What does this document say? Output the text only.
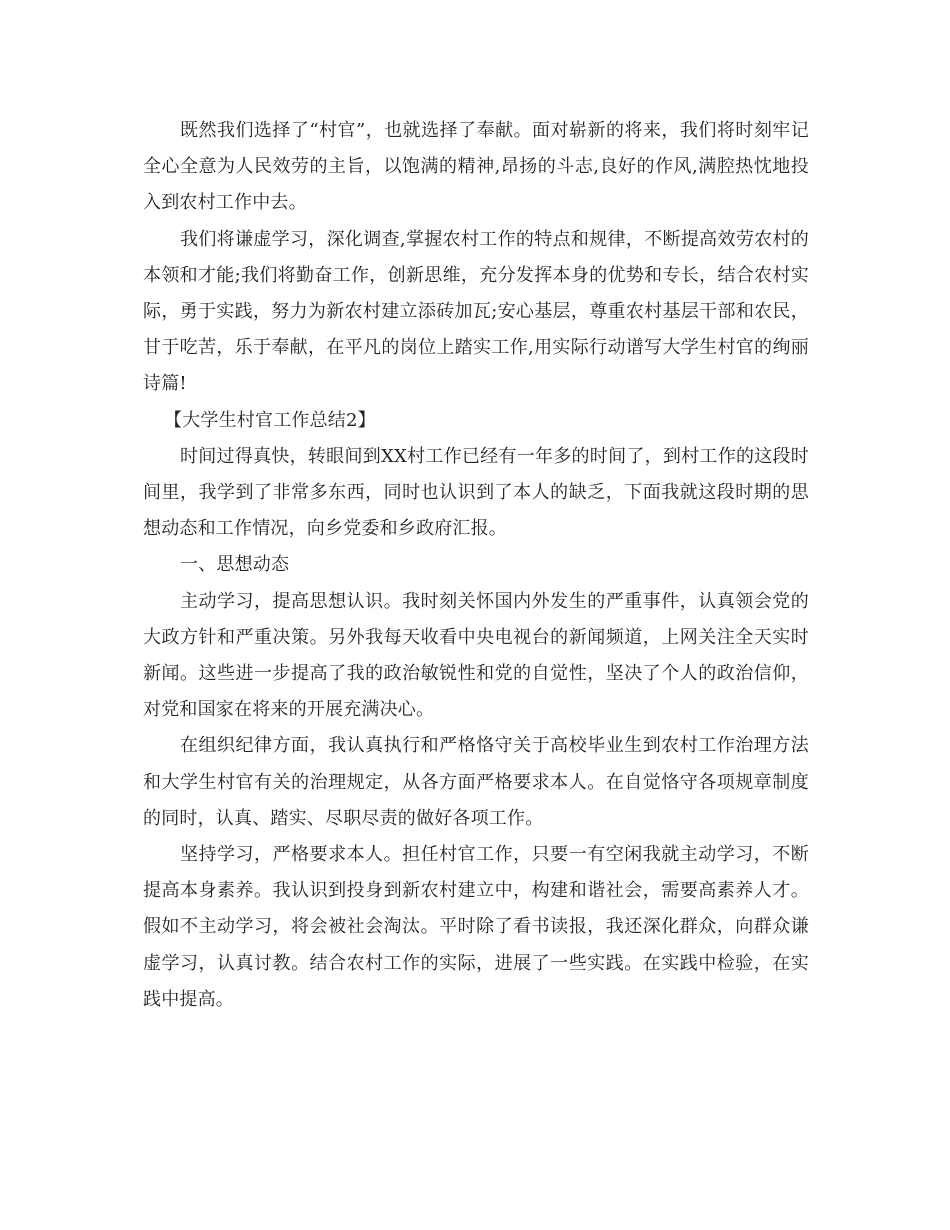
既然我们选择了“村官”，也就选择了奉献。面对崭新的将来，我们将时刻牢记全心全意为人民效劳的主旨，以饱满的精神,昂扬的斗志,良好的作风,满腔热忱地投入到农村工作中去。

我们将谦虚学习，深化调查,掌握农村工作的特点和规律，不断提高效劳农村的本领和才能;我们将勤奋工作，创新思维，充分发挥本身的优势和专长，结合农村实际，勇于实践，努力为新农村建立添砖加瓦;安心基层，尊重农村基层干部和农民，甘于吃苦，乐于奉献，在平凡的岗位上踏实工作,用实际行动谱写大学生村官的绚丽诗篇!

【大学生村官工作总结2】

时间过得真快，转眼间到XX村工作已经有一年多的时间了，到村工作的这段时间里，我学到了非常多东西，同时也认识到了本人的缺乏，下面我就这段时期的思想动态和工作情况，向乡党委和乡政府汇报。

一、思想动态

主动学习，提高思想认识。我时刻关怀国内外发生的严重事件，认真领会党的大政方针和严重决策。另外我每天收看中央电视台的新闻频道，上网关注全天实时新闻。这些进一步提高了我的政治敏锐性和党的自觉性，坚决了个人的政治信仰，对党和国家在将来的开展充满决心。

在组织纪律方面，我认真执行和严格恪守关于高校毕业生到农村工作治理方法和大学生村官有关的治理规定，从各方面严格要求本人。在自觉恪守各项规章制度的同时，认真、踏实、尽职尽责的做好各项工作。

坚持学习，严格要求本人。担任村官工作，只要一有空闲我就主动学习，不断提高本身素养。我认识到投身到新农村建立中，构建和谐社会，需要高素养人才。假如不主动学习，将会被社会淘汰。平时除了看书读报，我还深化群众，向群众谦虚学习，认真讨教。结合农村工作的实际，进展了一些实践。在实践中检验，在实践中提高。
